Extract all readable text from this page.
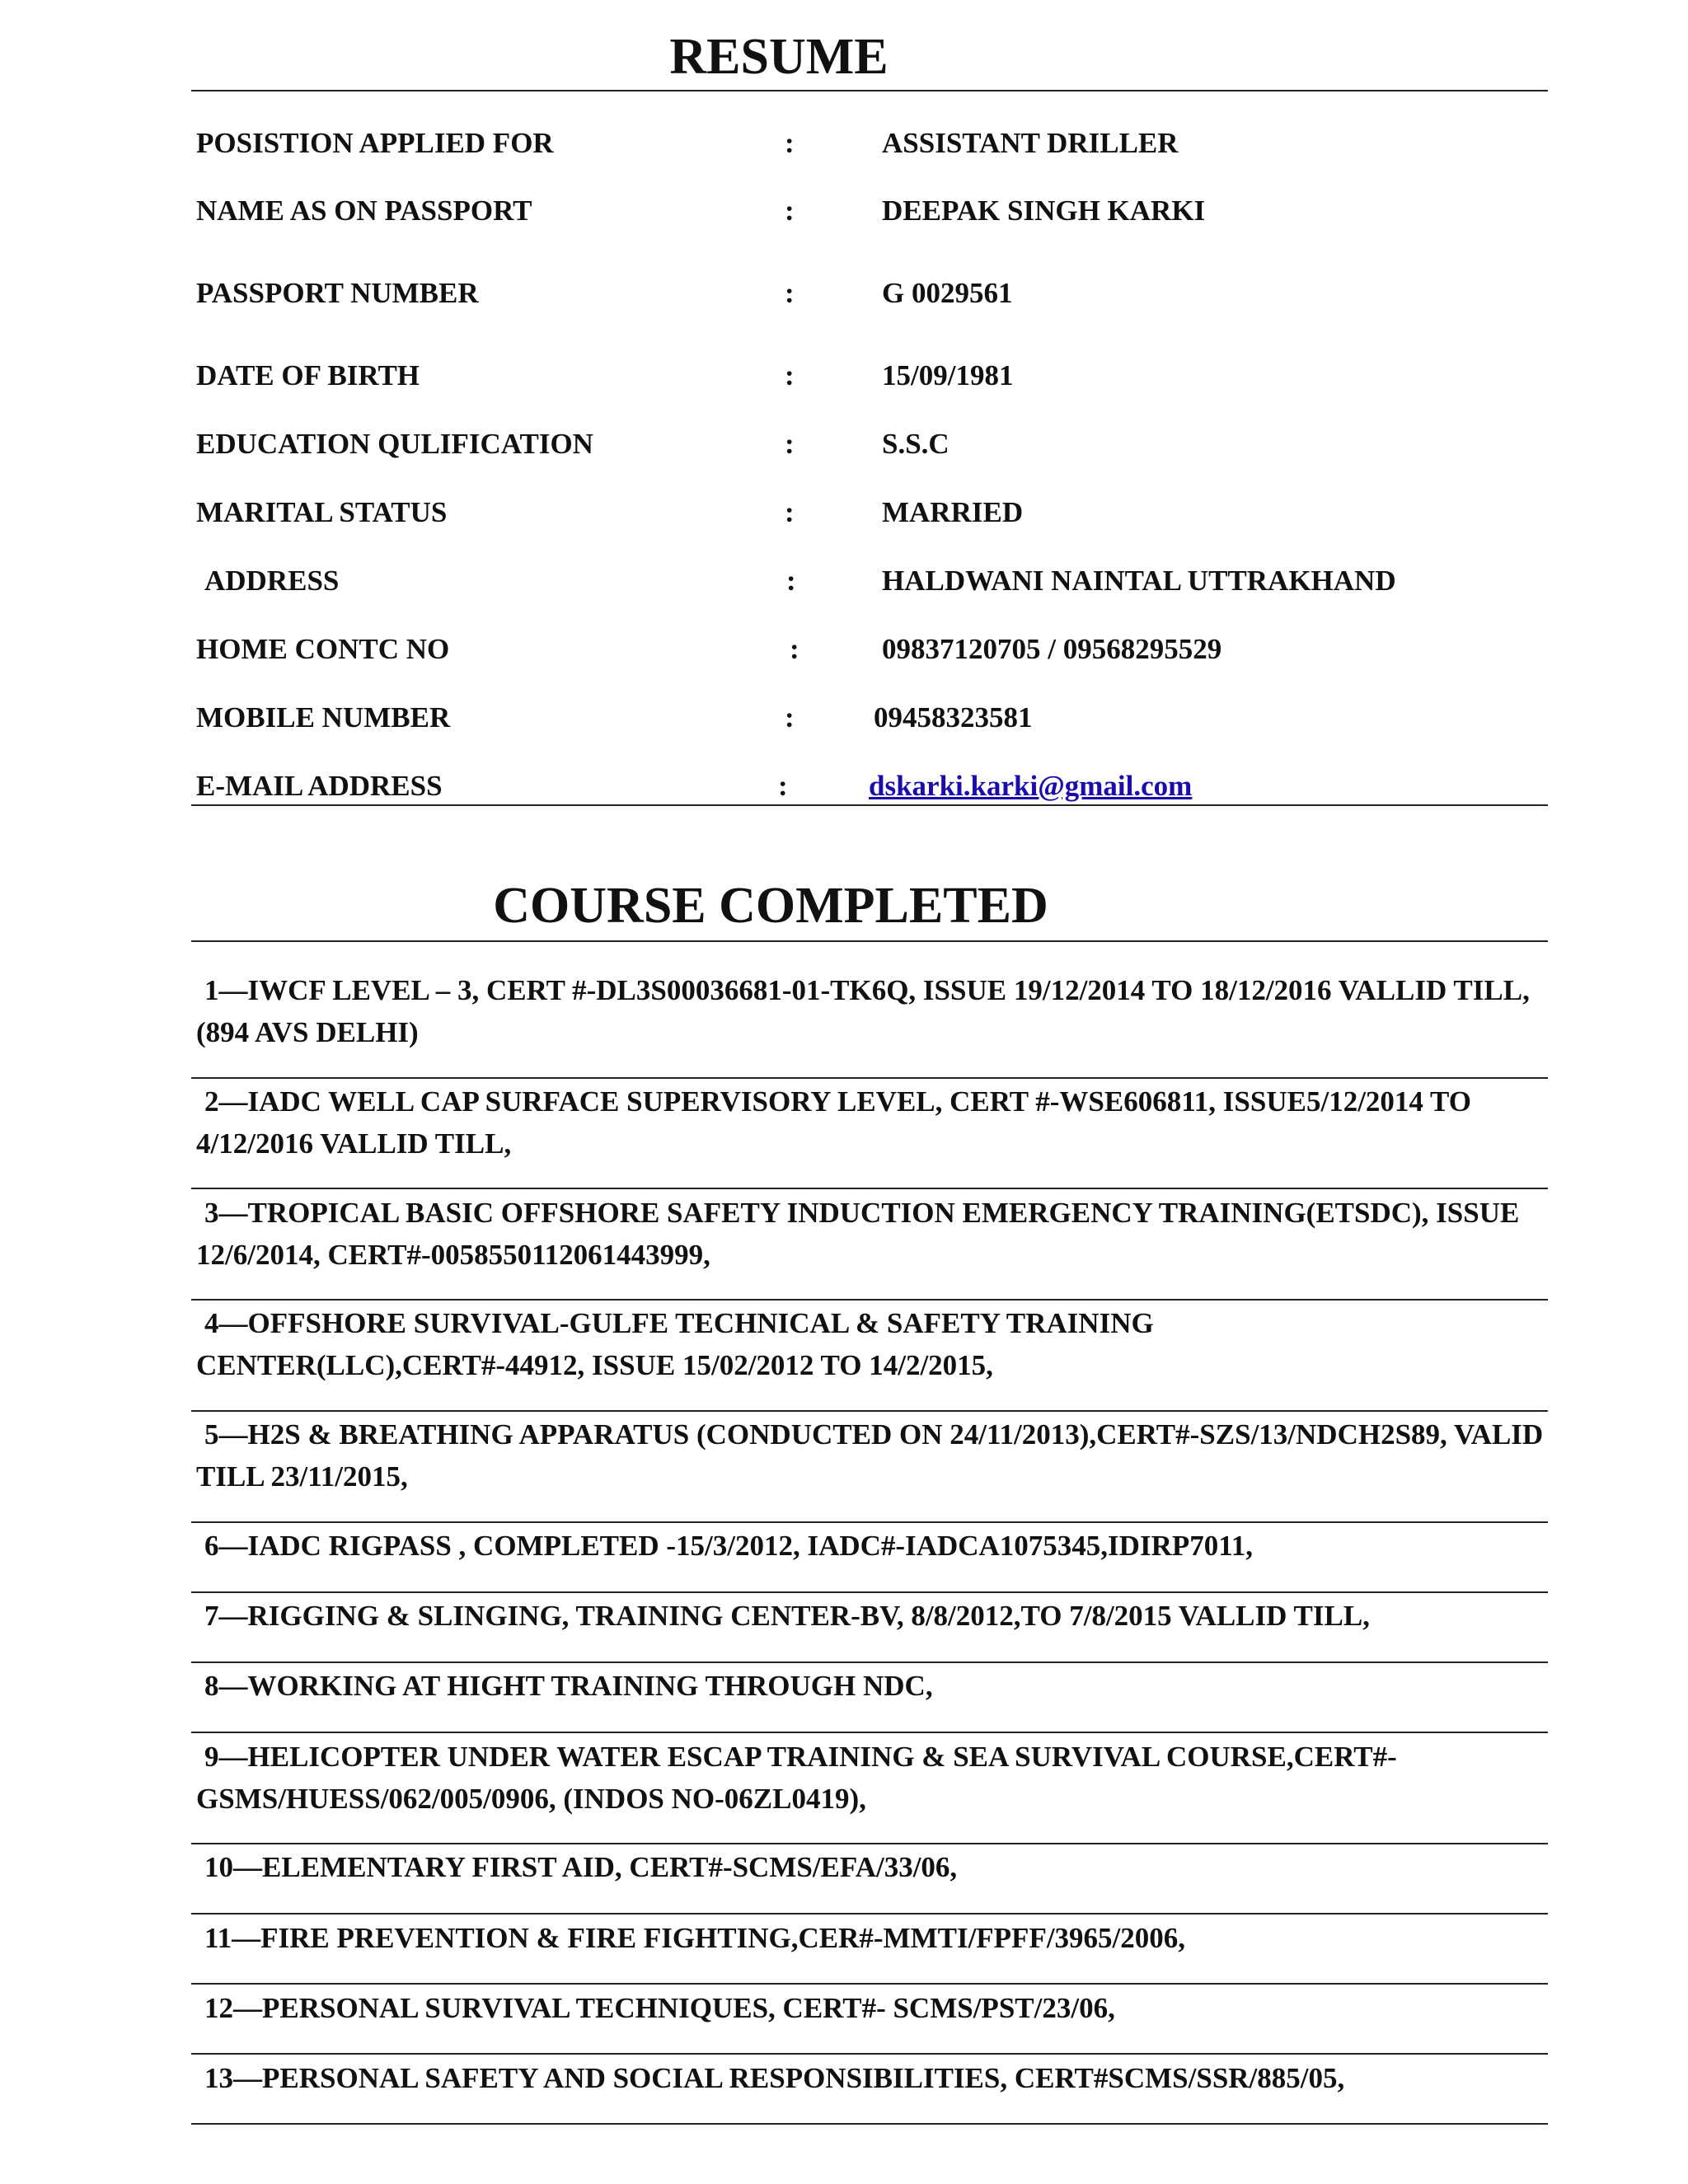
RESUME
POSISTION APPLIED FOR	:	ASSISTANT DRILLER
NAME AS ON PASSPORT	:	DEEPAK SINGH KARKI
PASSPORT NUMBER	:	G 0029561
DATE OF BIRTH	:	15/09/1981
EDUCATION QULIFICATION	:	S.S.C
MARITAL STATUS	:	MARRIED
ADDRESS	:	HALDWANI NAINTAL UTTRAKHAND
HOME CONTC NO	:	09837120705 / 09568295529
MOBILE NUMBER	:	09458323581
E-MAIL ADDRESS	:	dskarki.karki@gmail.com
COURSE COMPLETED
1—IWCF LEVEL – 3, CERT #-DL3S00036681-01-TK6Q, ISSUE 19/12/2014 TO 18/12/2016 VALLID TILL, (894 AVS DELHI)
2—IADC WELL CAP SURFACE SUPERVISORY LEVEL, CERT #-WSE606811, ISSUE5/12/2014 TO 4/12/2016 VALLID TILL,
3—TROPICAL BASIC OFFSHORE SAFETY INDUCTION EMERGENCY TRAINING(ETSDC), ISSUE 12/6/2014, CERT#-0058550112061443999,
4—OFFSHORE SURVIVAL-GULFE TECHNICAL & SAFETY TRAINING CENTER(LLC),CERT#-44912, ISSUE 15/02/2012 TO 14/2/2015,
5—H2S & BREATHING APPARATUS (CONDUCTED ON 24/11/2013),CERT#-SZS/13/NDCH2S89, VALID TILL 23/11/2015,
6—IADC RIGPASS , COMPLETED -15/3/2012, IADC#-IADCA1075345,IDIRP7011,
7—RIGGING & SLINGING, TRAINING CENTER-BV, 8/8/2012,TO 7/8/2015 VALLID TILL,
8—WORKING AT HIGHT TRAINING THROUGH NDC,
9—HELICOPTER UNDER WATER ESCAP TRAINING & SEA SURVIVAL COURSE,CERT#-GSMS/HUESS/062/005/0906, (INDOS NO-06ZL0419),
10—ELEMENTARY FIRST AID, CERT#-SCMS/EFA/33/06,
11—FIRE PREVENTION & FIRE FIGHTING,CER#-MMTI/FPFF/3965/2006,
12—PERSONAL SURVIVAL TECHNIQUES, CERT#- SCMS/PST/23/06,
13—PERSONAL SAFETY AND SOCIAL RESPONSIBILITIES, CERT#SCMS/SSR/885/05,
